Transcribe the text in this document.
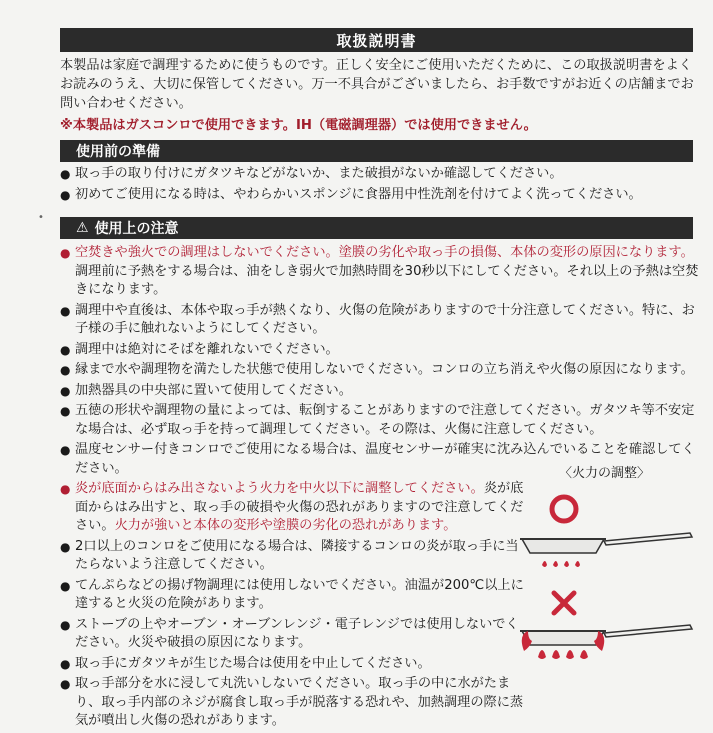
•
取扱説明書

本製品は家庭で調理するために使うものです。正しく安全にご使用いただくために、この取扱説明書をよくお読みのうえ、大切に保管してください。万一不具合がございましたら、お手数ですがお近くの店舗までお問い合わせください。

※本製品はガスコンロで使用できます。IH（電磁調理器）では使用できません。
使用前の準備
● 取っ手の取り付けにガタツキなどがないか、また破損がないか確認してください。
● 初めてご使用になる時は、やわらかいスポンジに食器用中性洗剤を付けてよく洗ってください。
⚠ 使用上の注意
● 空焚きや強火での調理はしないでください。塗膜の劣化や取っ手の損傷、本体の変形の原因になります。調理前に予熱をする場合は、油をしき弱火で加熱時間を30秒以下にしてください。それ以上の予熱は空焚きになります。
● 調理中や直後は、本体や取っ手が熱くなり、火傷の危険がありますので十分注意してください。特に、お子様の手に触れないようにしてください。
● 調理中は絶対にそばを離れないでください。
● 縁まで水や調理物を満たした状態で使用しないでください。コンロの立ち消えや火傷の原因になります。
● 加熱器具の中央部に置いて使用してください。
● 五徳の形状や調理物の量によっては、転倒することがありますので注意してください。ガタツキ等不安定な場合は、必ず取っ手を持って調理してください。その際は、火傷に注意してください。
● 温度センサー付きコンロでご使用になる場合は、温度センサーが確実に沈み込んでいることを確認してください。
● 炎が底面からはみ出さないよう火力を中火以下に調整してください。炎が底面からはみ出すと、取っ手の破損や火傷の恐れがありますので注意してください。火力が強いと本体の変形や塗膜の劣化の恐れがあります。
● 2口以上のコンロをご使用になる場合は、隣接するコンロの炎が取っ手に当たらないよう注意してください。
● てんぷらなどの揚げ物調理には使用しないでください。油温が200℃以上に達すると火災の危険があります。
● ストーブの上やオーブン・オーブンレンジ・電子レンジでは使用しないでください。火災や破損の原因になります。
● 取っ手にガタツキが生じた場合は使用を中止してください。
● 取っ手部分を水に浸して丸洗いしないでください。取っ手の中に水がたまり、取っ手内部のネジが腐食し取っ手が脱落する恐れや、加熱調理の際に蒸気が噴出し火傷の恐れがあります。
〈火力の調整〉
